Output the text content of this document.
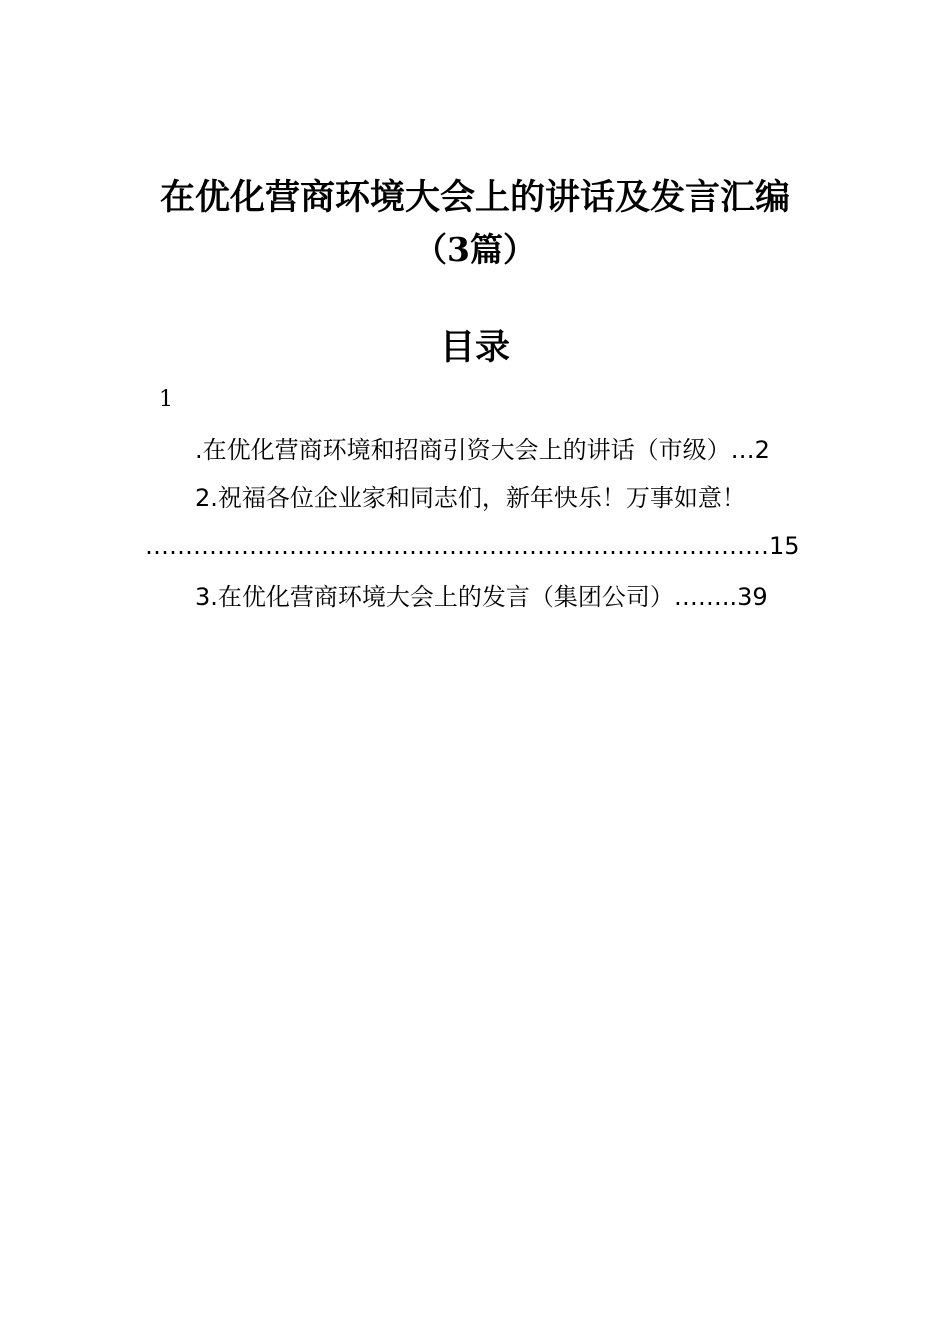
在优化营商环境大会上的讲话及发言汇编
（3篇）
目录
1
.在优化营商环境和招商引资大会上的讲话（市级）…2
2.祝福各位企业家和同志们，新年快乐！万事如意！
……………………………………………………………………15
3.在优化营商环境大会上的发言（集团公司）……..39
